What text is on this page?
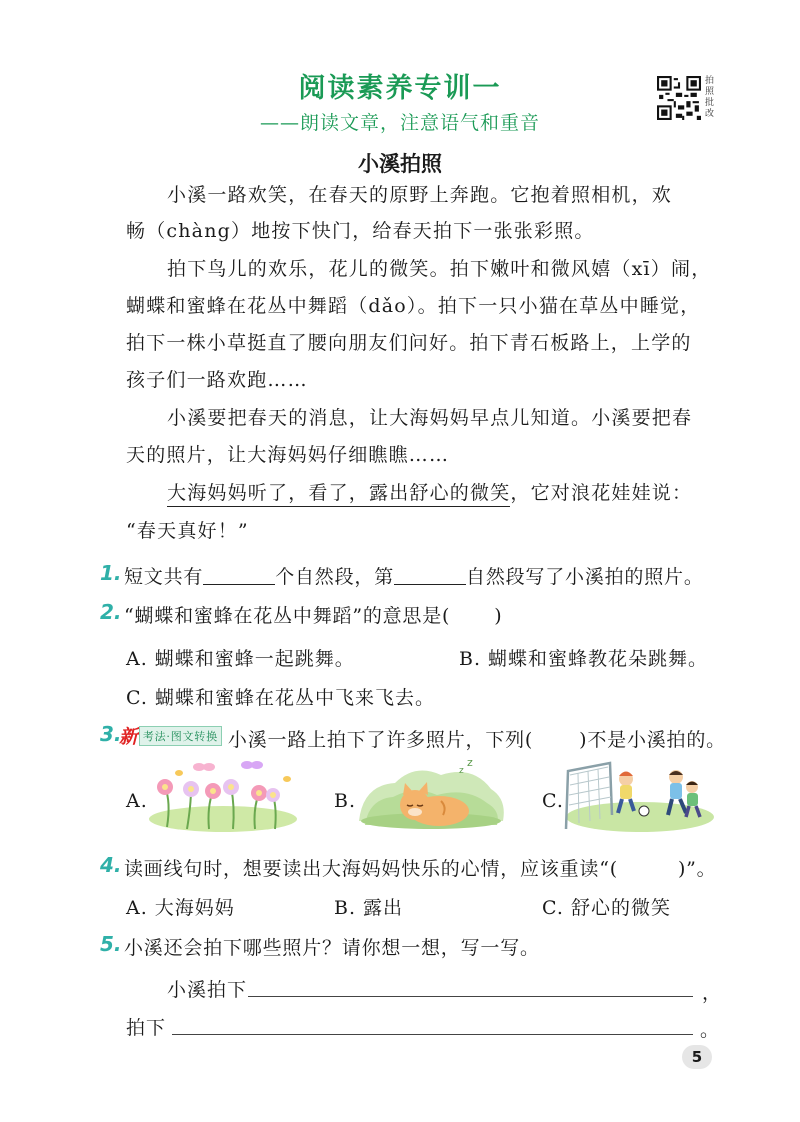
阅读素养专训一
——朗读文章，注意语气和重音
拍照批改
小溪拍照
小溪一路欢笑，在春天的原野上奔跑。它抱着照相机，欢
畅（chàng）地按下快门，给春天拍下一张张彩照。
拍下鸟儿的欢乐，花儿的微笑。拍下嫩叶和微风嬉（xī）闹，
蝴蝶和蜜蜂在花丛中舞蹈（dǎo）。拍下一只小猫在草丛中睡觉，
拍下一株小草挺直了腰向朋友们问好。拍下青石板路上，上学的
孩子们一路欢跑……
小溪要把春天的消息，让大海妈妈早点儿知道。小溪要把春
天的照片，让大海妈妈仔细瞧瞧……
大海妈妈听了，看了，露出舒心的微笑，它对浪花娃娃说：
“春天真好！”
1. 短文共有	个自然段，第	自然段写了小溪拍的照片。
2. “蝴蝶和蜜蜂在花丛中舞蹈”的意思是( )
A. 蝴蝶和蜜蜂一起跳舞。	B. 蝴蝶和蜜蜂教花朵跳舞。
C. 蝴蝶和蜜蜂在花丛中飞来飞去。
3.
新 考法·图文转换 小溪一路上拍下了许多照片，下列( )不是小溪拍的。
A.	B.
z
z
C.
4. 读画线句时，想要读出大海妈妈快乐的心情，应该重读“(	)”。
A. 大海妈妈	B. 露出	C. 舒心的微笑
5. 小溪还会拍下哪些照片？请你想一想，写一写。
小溪拍下	，
拍下	。
5
